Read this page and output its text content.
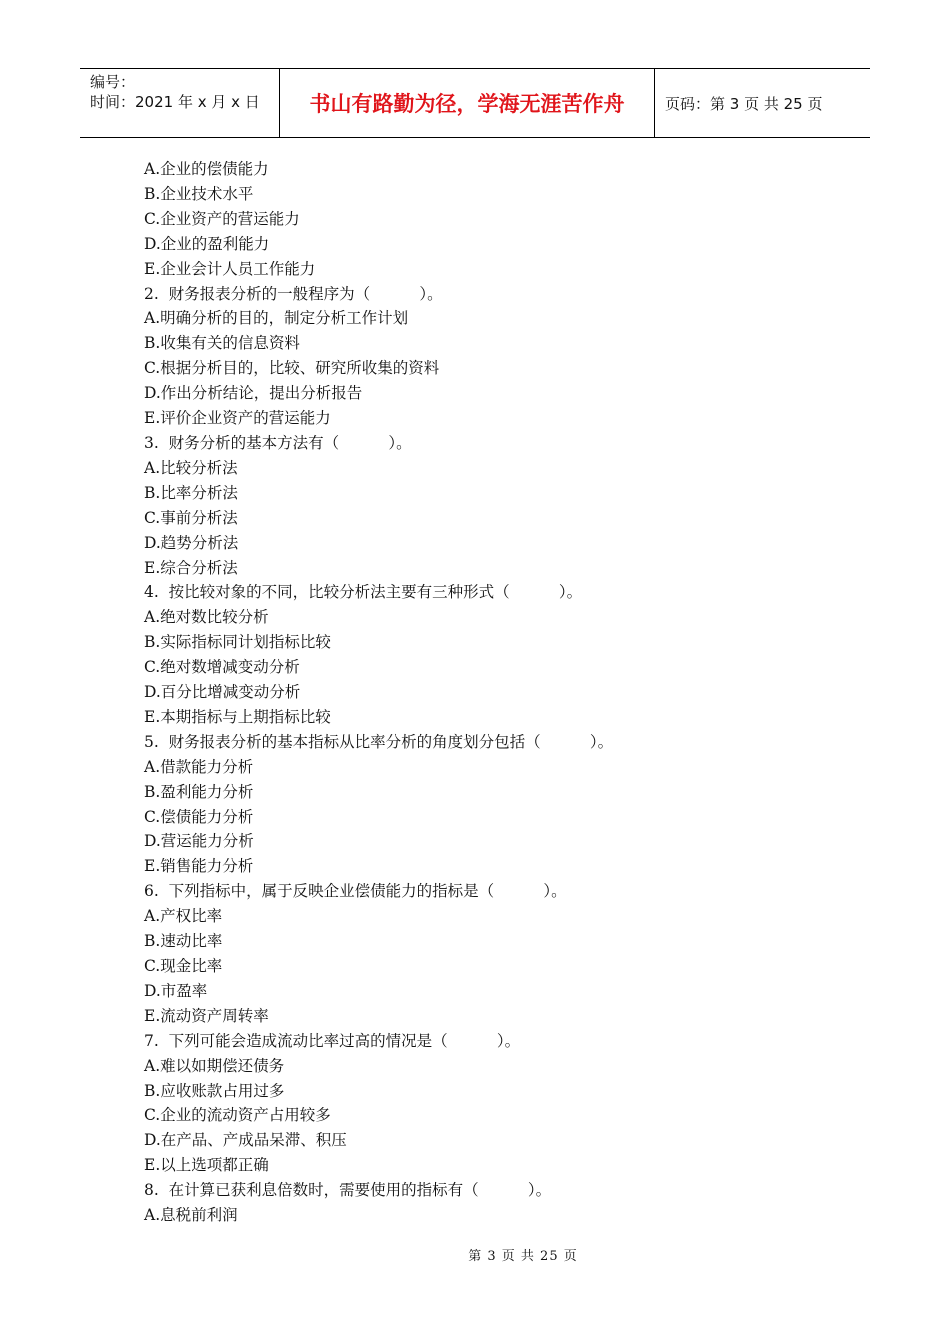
编号：
时间：2021 年 x 月 x 日	书山有路勤为径，学海无涯苦作舟	页码：第 3 页 共 25 页
A.企业的偿债能力
B.企业技术水平
C.企业资产的营运能力
D.企业的盈利能力
E.企业会计人员工作能力
2.  财务报表分析的一般程序为（          ）。
A.明确分析的目的，制定分析工作计划
B.收集有关的信息资料
C.根据分析目的，比较、研究所收集的资料
D.作出分析结论，提出分析报告
E.评价企业资产的营运能力
3.  财务分析的基本方法有（          ）。
A.比较分析法
B.比率分析法
C.事前分析法
D.趋势分析法
E.综合分析法
4.  按比较对象的不同，比较分析法主要有三种形式（          ）。
A.绝对数比较分析
B.实际指标同计划指标比较
C.绝对数增减变动分析
D.百分比增减变动分析
E.本期指标与上期指标比较
5.  财务报表分析的基本指标从比率分析的角度划分包括（          ）。
A.借款能力分析
B.盈利能力分析
C.偿债能力分析
D.营运能力分析
E.销售能力分析
6.  下列指标中，属于反映企业偿债能力的指标是（          ）。
A.产权比率
B.速动比率
C.现金比率
D.市盈率
E.流动资产周转率
7.  下列可能会造成流动比率过高的情况是（          ）。
A.难以如期偿还债务
B.应收账款占用过多
C.企业的流动资产占用较多
D.在产品、产成品呆滞、积压
E.以上选项都正确
8.  在计算已获利息倍数时，需要使用的指标有（          ）。
A.息税前利润
第 3 页 共 25 页
